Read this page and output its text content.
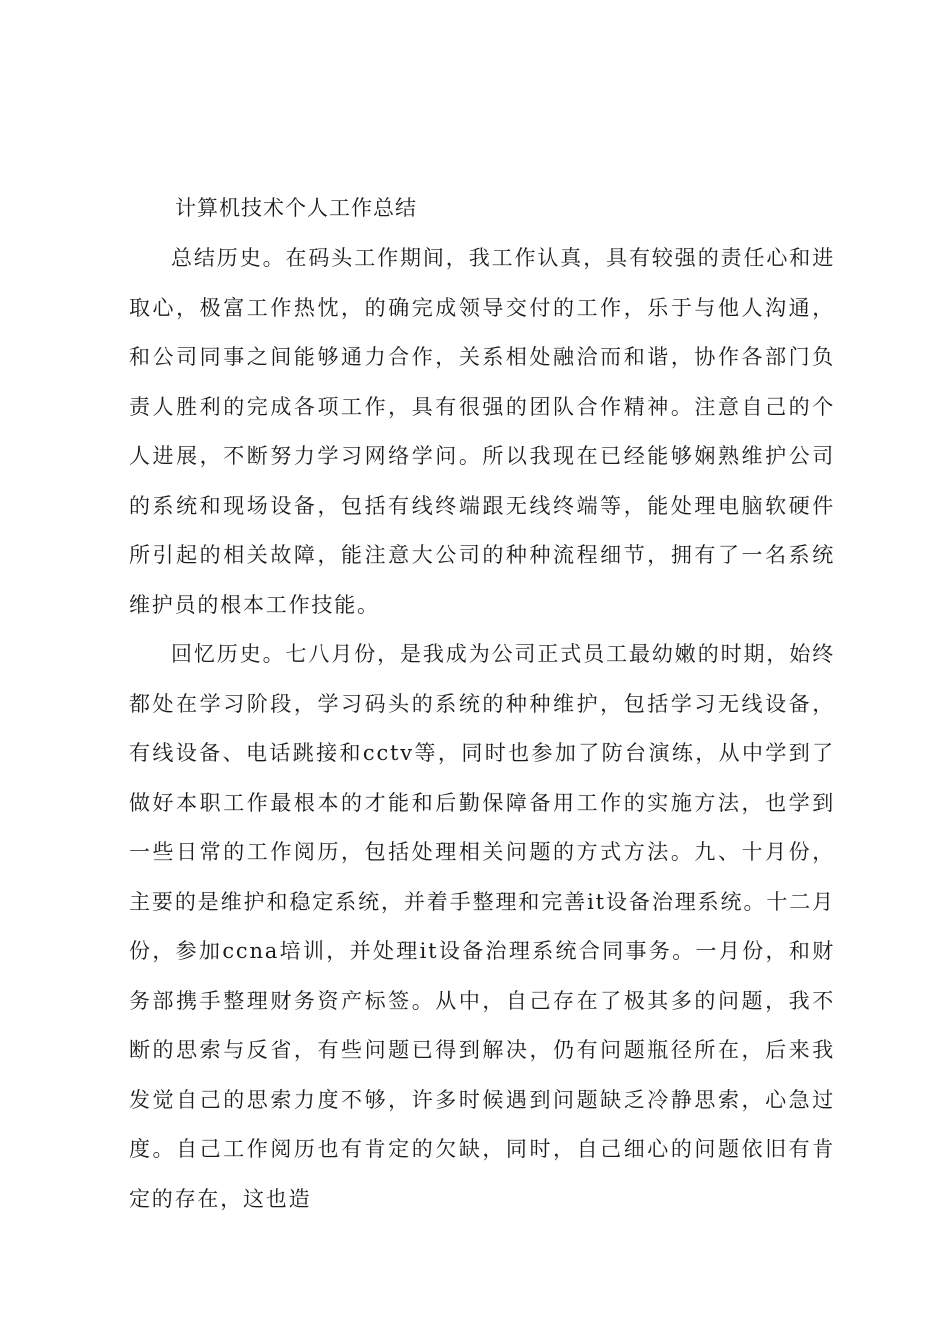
计算机技术个人工作总结

总结历史。在码头工作期间，我工作认真，具有较强的责任心和进取心，极富工作热忱，的确完成领导交付的工作，乐于与他人沟通，和公司同事之间能够通力合作，关系相处融洽而和谐，协作各部门负责人胜利的完成各项工作，具有很强的团队合作精神。注意自己的个人进展，不断努力学习网络学问。所以我现在已经能够娴熟维护公司的系统和现场设备，包括有线终端跟无线终端等，能处理电脑软硬件所引起的相关故障，能注意大公司的种种流程细节，拥有了一名系统维护员的根本工作技能。

回忆历史。七八月份，是我成为公司正式员工最幼嫩的时期，始终都处在学习阶段，学习码头的系统的种种维护，包括学习无线设备，有线设备、电话跳接和cctv等，同时也参加了防台演练，从中学到了做好本职工作最根本的才能和后勤保障备用工作的实施方法，也学到一些日常的工作阅历，包括处理相关问题的方式方法。九、十月份，主要的是维护和稳定系统，并着手整理和完善it设备治理系统。十二月份，参加ccna培训，并处理it设备治理系统合同事务。一月份，和财务部携手整理财务资产标签。从中，自己存在了极其多的问题，我不断的思索与反省，有些问题已得到解决，仍有问题瓶径所在，后来我发觉自己的思索力度不够，许多时候遇到问题缺乏冷静思索，心急过度。自己工作阅历也有肯定的欠缺，同时，自己细心的问题依旧有肯定的存在，这也造
